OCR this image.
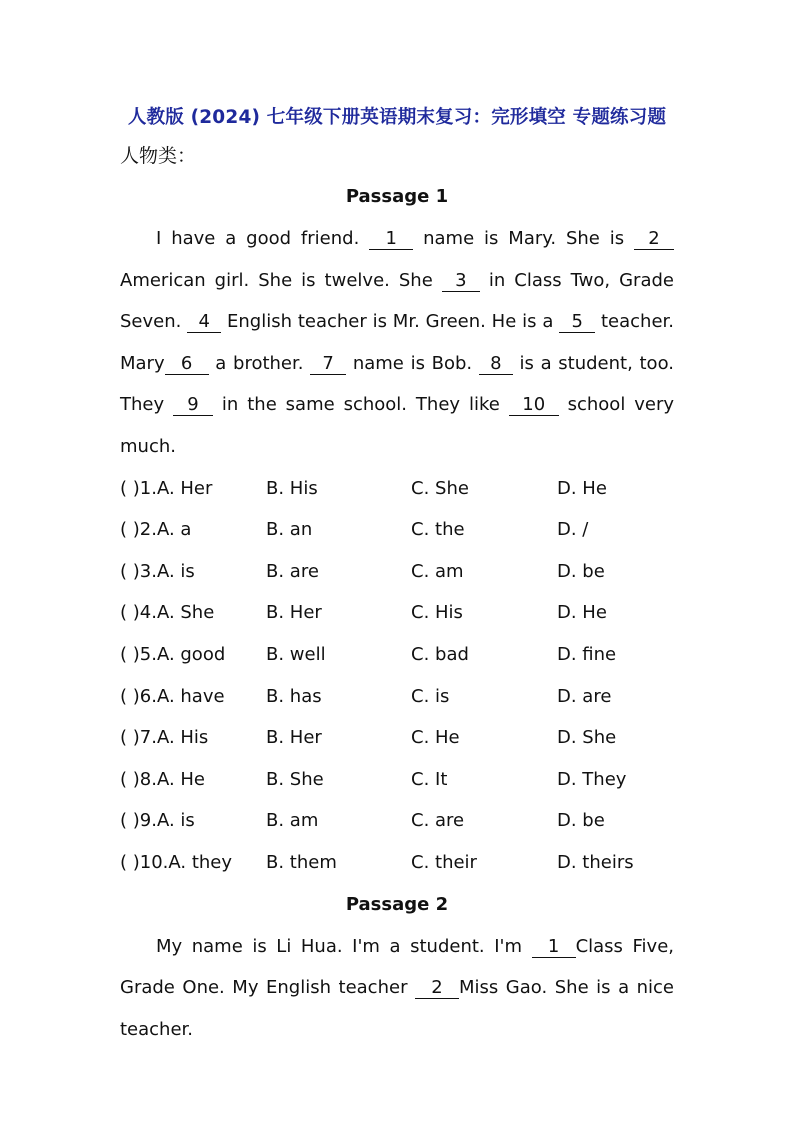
人教版 (2024) 七年级下册英语期末复习：完形填空 专题练习题
人物类：
Passage 1

I have a good friend. 1 name is Mary. She is 2 American girl. She is twelve. She 3 in Class Two, Grade Seven. 4 English teacher is Mr. Green. He is a 5 teacher. Mary 6 a brother. 7 name is Bob. 8 is a student, too. They 9 in the same school. They like 10 school very much.

( )1.A. Her	B. His	C. She	D. He
( )2.A. a	B. an	C. the	D. /
( )3.A. is	B. are	C. am	D. be
( )4.A. She	B. Her	C. His	D. He
( )5.A. good	B. well	C. bad	D. fine
( )6.A. have	B. has	C. is	D. are
( )7.A. His	B. Her	C. He	D. She
( )8.A. He	B. She	C. It	D. They
( )9.A. is	B. am	C. are	D. be
( )10.A. they	B. them	C. their	D. theirs
Passage 2

My name is Li Hua. I'm a student. I'm 1 Class Five, Grade One. My English teacher 2 Miss Gao. She is a nice teacher.
